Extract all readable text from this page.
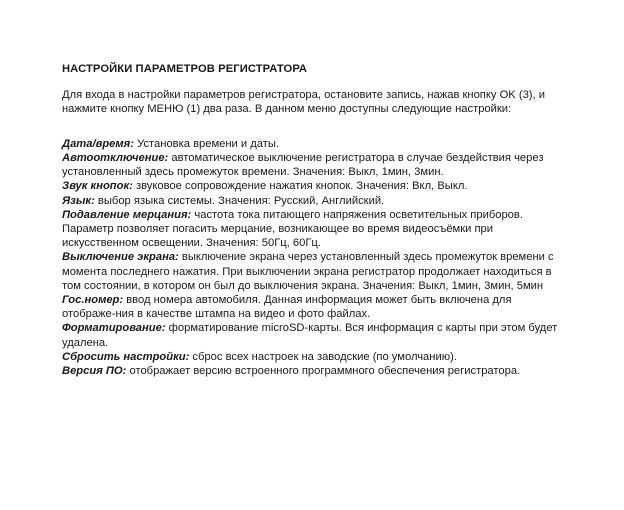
НАСТРОЙКИ ПАРАМЕТРОВ РЕГИСТРАТОРА

Для входа в настройки параметров регистратора, остановите запись, нажав кнопку OK (3), и нажмите кнопку МЕНЮ (1) два раза. В данном меню доступны следующие настройки:

Дата/время: Установка времени и даты.

Автоотключение: автоматическое выключение регистратора в случае бездействия через установленный здесь промежуток времени. Значения: Выкл, 1мин, 3мин.

Звук кнопок: звуковое сопровождение нажатия кнопок. Значения: Вкл, Выкл.

Язык: выбор языка системы. Значения: Русский, Английский.

Подавление мерцания: частота тока питающего напряжения осветительных приборов. Параметр позволяет погасить мерцание, возникающее во время видеосъёмки при искусственном освещении. Значения: 50Гц, 60Гц.

Выключение экрана: выключение экрана через установленный здесь промежуток времени с момента последнего нажатия. При выключении экрана регистратор продолжает находиться в том состоянии, в котором он был до выключения экрана. Значения: Выкл, 1мин, 3мин, 5мин

Гос.номер: ввод номера автомобиля. Данная информация может быть включена для отображе-ния в качестве штампа на видео и фото файлах.

Форматирование: форматирование microSD-карты. Вся информация с карты при этом будет удалена.

Сбросить настройки: сброс всех настроек на заводские (по умолчанию).

Версия ПО: отображает версию встроенного программного обеспечения регистратора.
